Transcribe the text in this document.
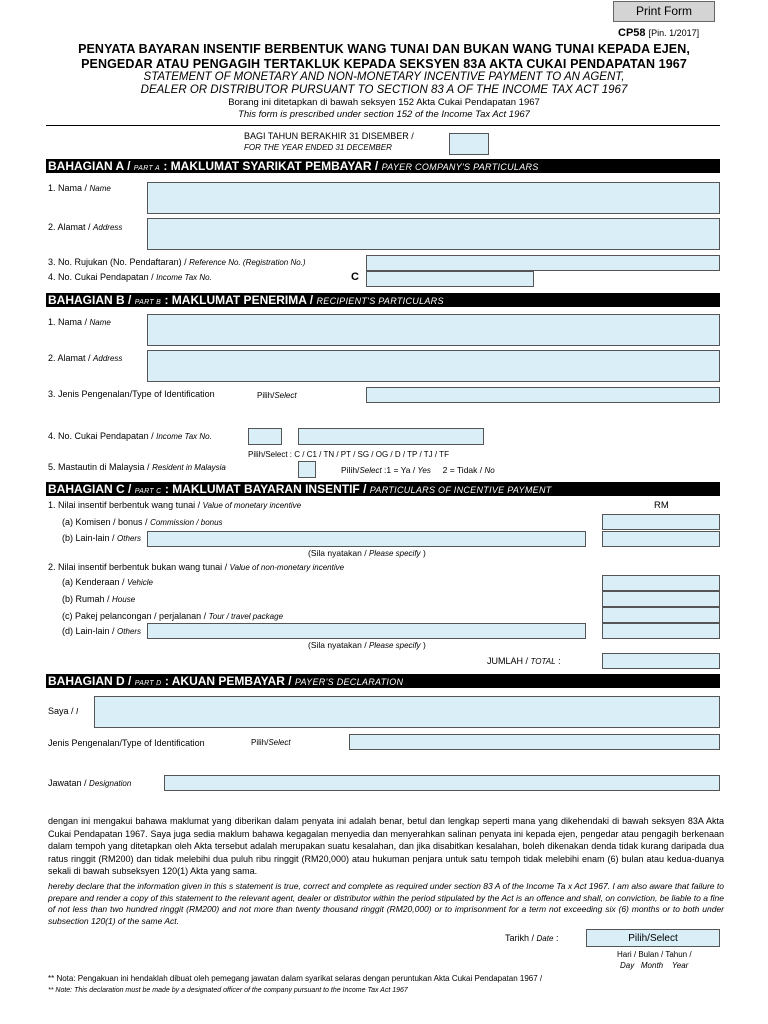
Print Form
CP58 [Pin. 1/2017]
PENYATA BAYARAN INSENTIF BERBENTUK WANG TUNAI DAN BUKAN WANG TUNAI KEPADA EJEN,
PENGEDAR ATAU PENGAGIH TERTAKLUK KEPADA SEKSYEN 83A AKTA CUKAI PENDAPATAN 1967
STATEMENT OF MONETARY AND NON-MONETARY INCENTIVE PAYMENT TO AN AGENT,
DEALER OR DISTRIBUTOR PURSUANT TO SECTION 83 A OF THE INCOME TAX ACT 1967
Borang ini ditetapkan di bawah seksyen 152 Akta Cukai Pendapatan 1967
This form is prescribed under section 152 of the Income Tax Act 1967
BAGI TAHUN BERAKHIR 31 DISEMBER /
FOR THE YEAR ENDED 31 DECEMBER
BAHAGIAN A / PART A : MAKLUMAT SYARIKAT PEMBAYAR / PAYER COMPANY'S PARTICULARS
1. Nama / Name
2. Alamat / Address
3. No. Rujukan (No. Pendaftaran) / Reference No. (Registration No.)
4. No. Cukai Pendapatan / Income Tax No.	C
BAHAGIAN B / PART B : MAKLUMAT PENERIMA / RECIPIENT'S PARTICULARS
1. Nama / Name
2. Alamat / Address
3. Jenis Pengenalan/Type of Identification	Pilih/Select
4. No. Cukai Pendapatan / Income Tax No.
Pilih/Select : C / C1 / TN / PT / SG / OG / D / TP / TJ / TF
5. Mastautin di Malaysia / Resident in Malaysia	Pilih/Select :1 = Ya / Yes 2 = Tidak / No
BAHAGIAN C / PART C : MAKLUMAT BAYARAN INSENTIF / PARTICULARS OF INCENTIVE PAYMENT
RM
1. Nilai insentif berbentuk wang tunai / Value of monetary incentive
(a) Komisen / bonus / Commission / bonus
(b) Lain-lain / Others
(Sila nyatakan / Please specify )
2. Nilai insentif berbentuk bukan wang tunai / Value of non-monetary incentive
(a) Kenderaan / Vehicle
(b) Rumah / House
(c) Pakej pelancongan / perjalanan / Tour / travel package
(d) Lain-lain / Others
(Sila nyatakan / Please specify )
JUMLAH / TOTAL :
BAHAGIAN D / PART D : AKUAN PEMBAYAR / PAYER'S DECLARATION
Saya / I
Jenis Pengenalan/Type of Identification	Pilih/Select
Jawatan / Designation
dengan ini mengakui bahawa maklumat yang diberikan dalam penyata ini adalah benar, betul dan lengkap seperti mana yang dikehendaki di bawah seksyen 83A Akta Cukai Pendapatan 1967. Saya juga sedia maklum bahawa kegagalan menyedia dan menyerahkan salinan penyata ini kepada ejen, pengedar atau pengagih berkenaan dalam tempoh yang ditetapkan oleh Akta tersebut adalah merupakan suatu kesalahan, dan jika disabitkan kesalahan, boleh dikenakan denda tidak kurang daripada dua ratus ringgit (RM200) dan tidak melebihi dua puluh ribu ringgit (RM20,000) atau hukuman penjara untuk satu tempoh tidak melebihi enam (6) bulan atau kedua-duanya sekali di bawah subseksyen 120(1) Akta yang sama.
hereby declare that the information given in this s statement is true, correct and complete as required under section 83 A of the Income Ta x Act 1967. I am also aware that failure to prepare and render a copy of this statement to the relevant agent, dealer or distributor within the period stipulated by the Act is an offence and shall, on conviction, be liable to a fine of not less than two hundred ringgit (RM200) and not more than twenty thousand ringgit (RM20,000) or to imprisonment for a term not exceeding six (6) months or to both under subsection 120(1) of the same Act.
Tarikh / Date :	Pilih/Select
Hari / Bulan / Tahun /
Day   Month    Year
** Nota: Pengakuan ini hendaklah dibuat oleh pemegang jawatan dalam syarikat selaras dengan peruntukan Akta Cukai Pendapatan 1967 /
** Note: This declaration must be made by a designated officer of the company pursuant to the Income Tax Act 1967
